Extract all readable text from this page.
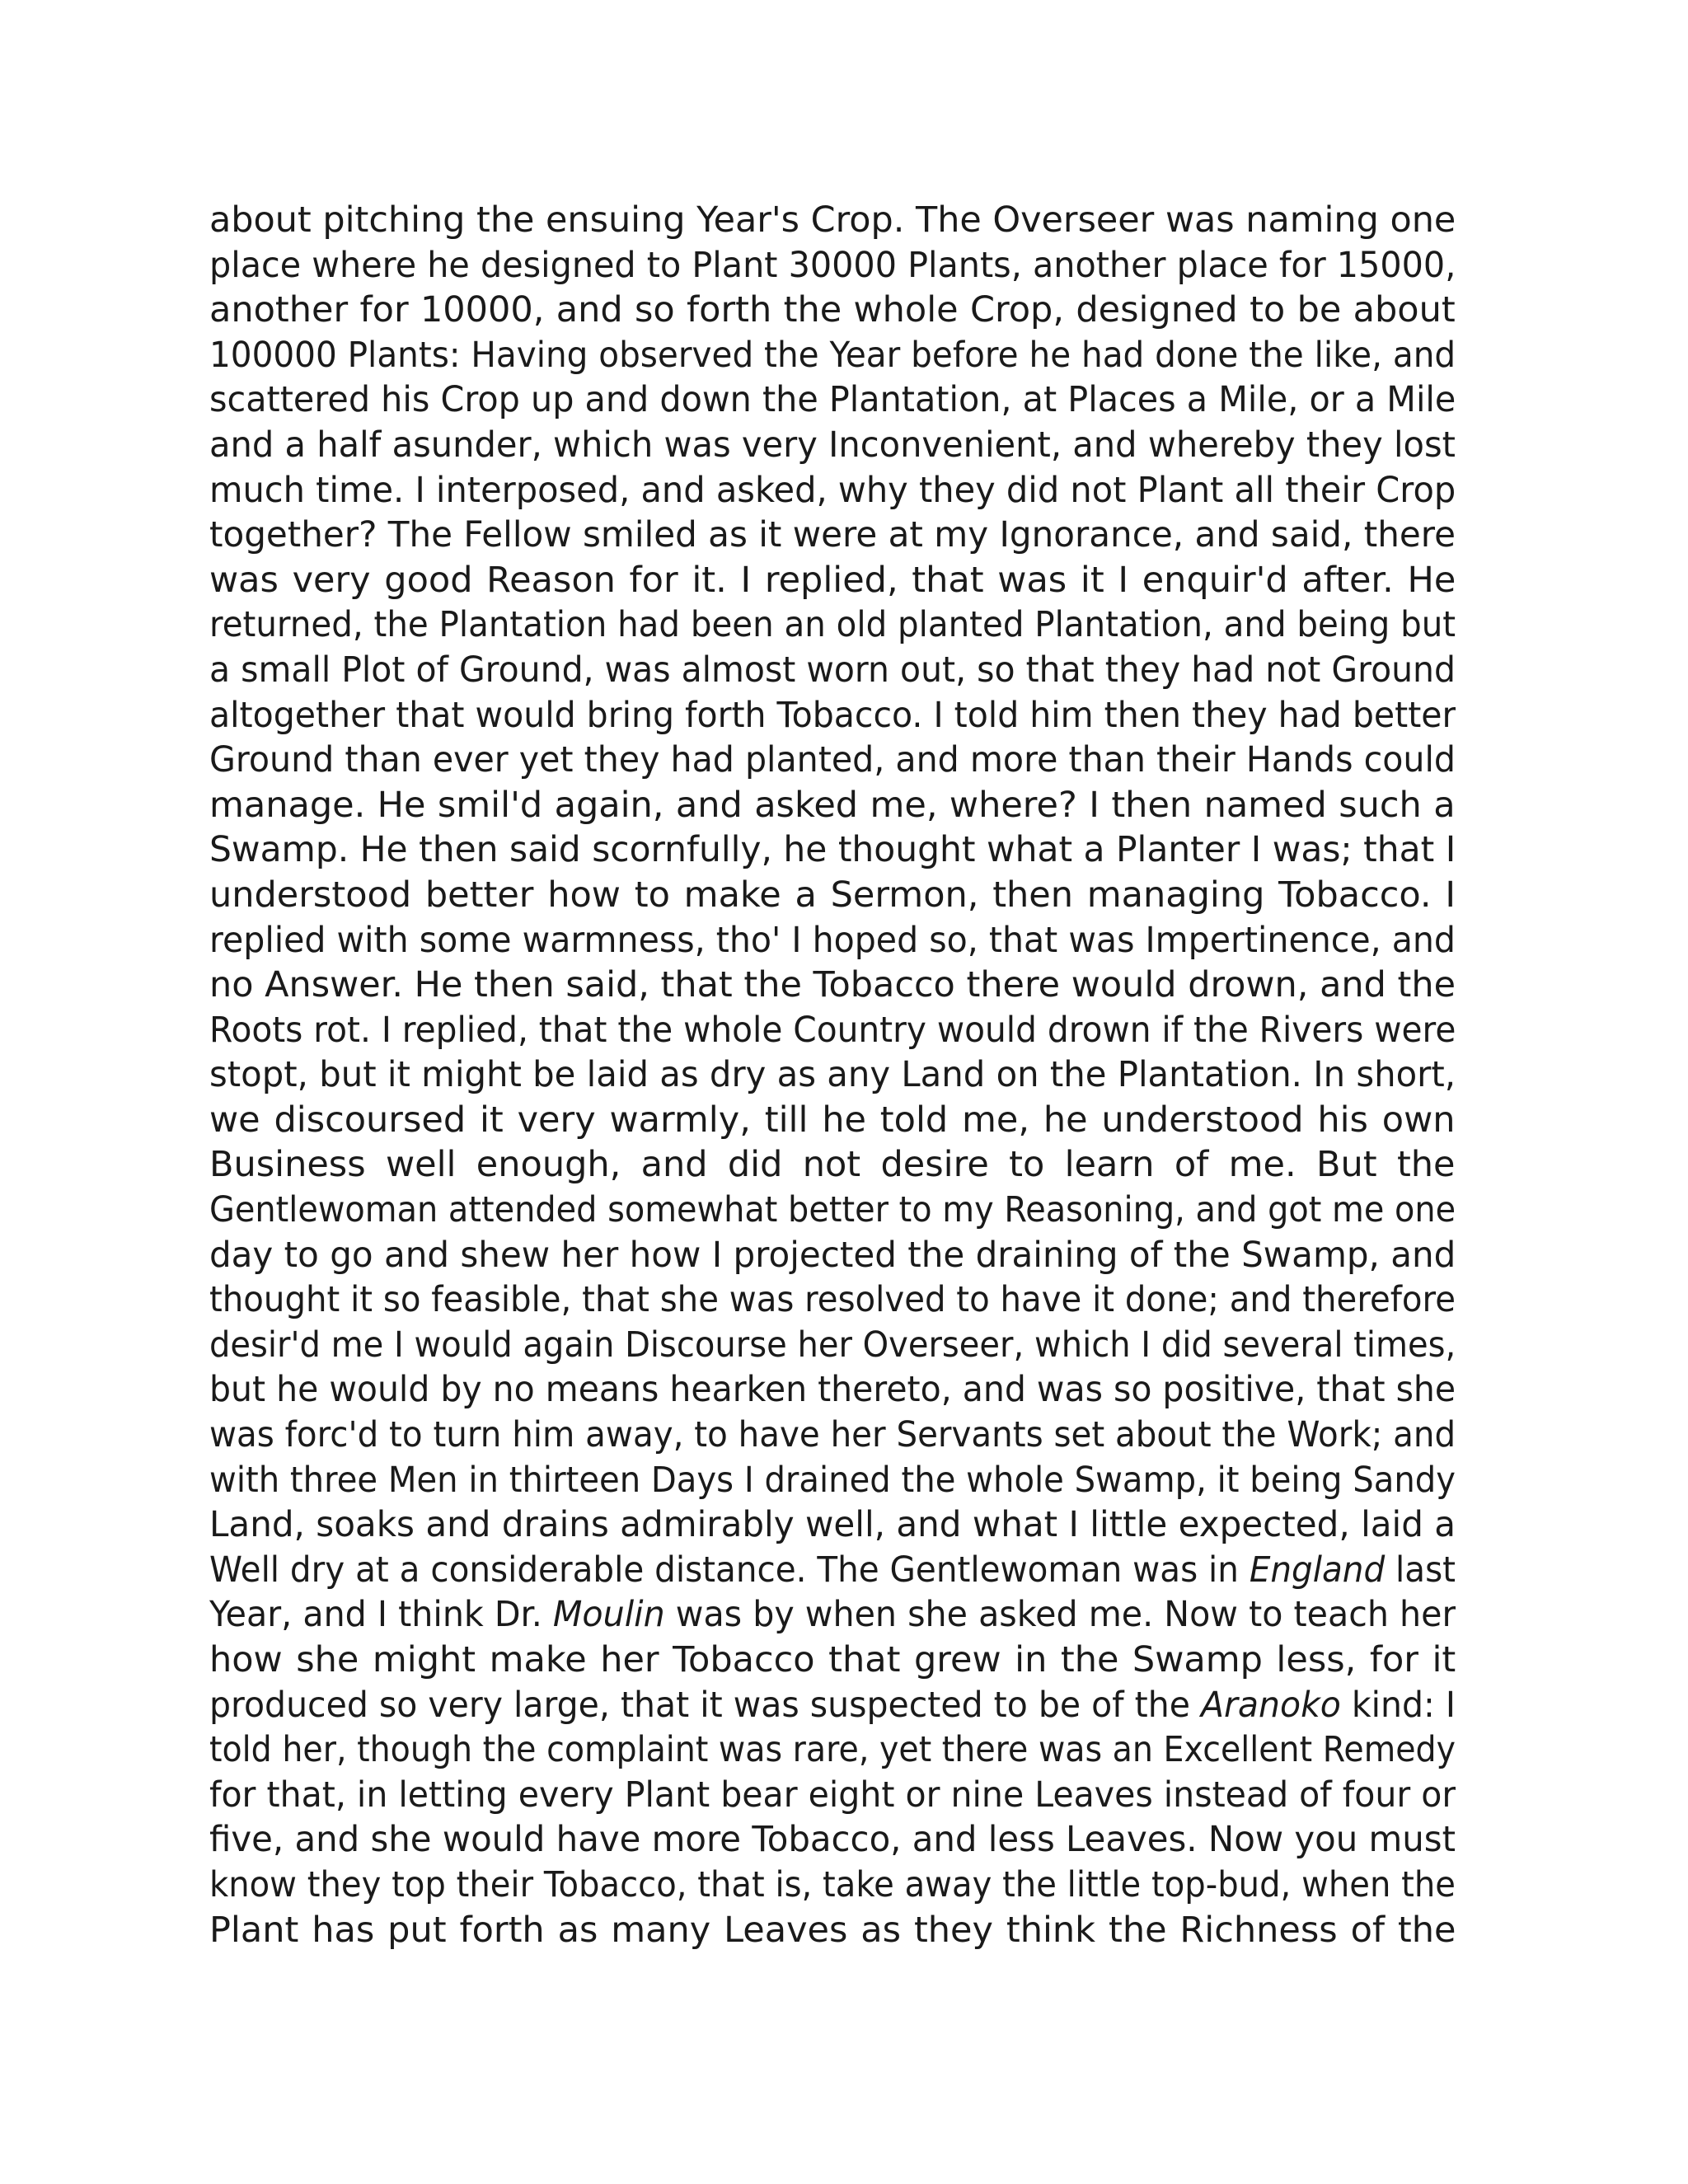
about pitching the ensuing Year's Crop. The Overseer was naming one
place where he designed to Plant 30000 Plants, another place for 15000,
another for 10000, and so forth the whole Crop, designed to be about
100000 Plants: Having observed the Year before he had done the like, and
scattered his Crop up and down the Plantation, at Places a Mile, or a Mile
and a half asunder, which was very Inconvenient, and whereby they lost
much time. I interposed, and asked, why they did not Plant all their Crop
together? The Fellow smiled as it were at my Ignorance, and said, there
was very good Reason for it. I replied, that was it I enquir'd after. He
returned, the Plantation had been an old planted Plantation, and being but
a small Plot of Ground, was almost worn out, so that they had not Ground
altogether that would bring forth Tobacco. I told him then they had better
Ground than ever yet they had planted, and more than their Hands could
manage. He smil'd again, and asked me, where? I then named such a
Swamp. He then said scornfully, he thought what a Planter I was; that I
understood better how to make a Sermon, then managing Tobacco. I
replied with some warmness, tho' I hoped so, that was Impertinence, and
no Answer. He then said, that the Tobacco there would drown, and the
Roots rot. I replied, that the whole Country would drown if the Rivers were
stopt, but it might be laid as dry as any Land on the Plantation. In short,
we discoursed it very warmly, till he told me, he understood his own
Business well enough, and did not desire to learn of me. But the
Gentlewoman attended somewhat better to my Reasoning, and got me one
day to go and shew her how I projected the draining of the Swamp, and
thought it so feasible, that she was resolved to have it done; and therefore
desir'd me I would again Discourse her Overseer, which I did several times,
but he would by no means hearken thereto, and was so positive, that she
was forc'd to turn him away, to have her Servants set about the Work; and
with three Men in thirteen Days I drained the whole Swamp, it being Sandy
Land, soaks and drains admirably well, and what I little expected, laid a
Well dry at a considerable distance. The Gentlewoman was in England last
Year, and I think Dr. Moulin was by when she asked me. Now to teach her
how she might make her Tobacco that grew in the Swamp less, for it
produced so very large, that it was suspected to be of the Aranoko kind: I
told her, though the complaint was rare, yet there was an Excellent Remedy
for that, in letting every Plant bear eight or nine Leaves instead of four or
five, and she would have more Tobacco, and less Leaves. Now you must
know they top their Tobacco, that is, take away the little top-bud, when the
Plant has put forth as many Leaves as they think the Richness of the
